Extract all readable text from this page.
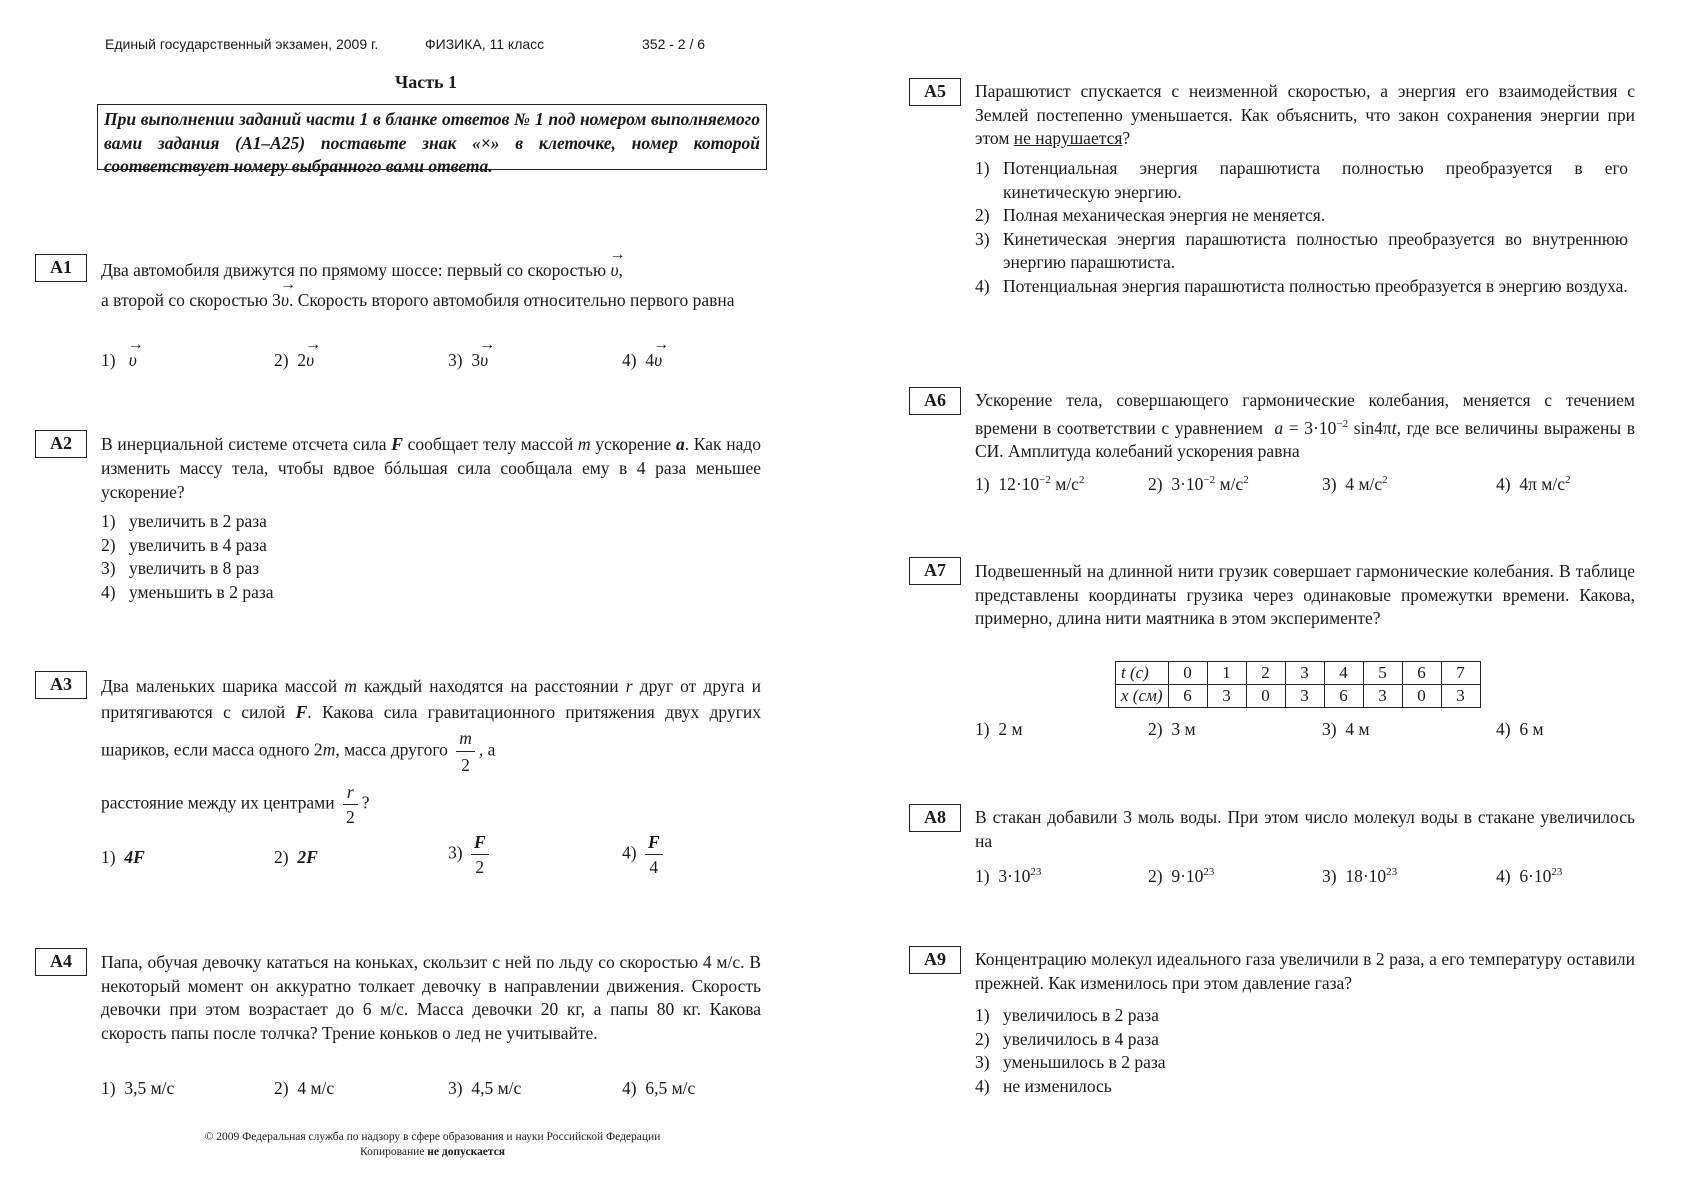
Единый государственный экзамен, 2009 г.	ФИЗИКА, 11 класс	352 - 2 / 6
Часть 1
При выполнении заданий части 1 в бланке ответов № 1 под номером выполняемого вами задания (А1–А25) поставьте знак «×» в клеточке, номер которой соответствует номеру выбранного вами ответа.
А1	Два автомобиля движутся по прямому шоссе: первый со скоростью → υ,
а второй со скоростью 3→ υ. Скорость второго автомобиля относительно первого равна
1) → υ	2) 2→ υ	3) 3→ υ	4) 4→ υ
А2	В инерциальной системе отсчета сила F сообщает телу массой m ускорение a. Как надо изменить массу тела, чтобы вдвое бóльшая сила сообщала ему в 4 раза меньшее ускорение?
1) увеличить в 2 раза
2) увеличить в 4 раза
3) увеличить в 8 раз
4) уменьшить в 2 раза
А3	Два маленьких шарика массой m каждый находятся на расстоянии r друг от друга и притягиваются с силой F. Какова сила гравитационного притяжения двух других шариков, если масса одного 2m, масса другого $\frac{m}{2}$ , а
расстояние между их центрами $\frac{r}{2}$ ?
1) 4F	2) 2F	$3) \frac{F}{2}$	$4) \frac{F}{4}$
А4	Папа, обучая девочку кататься на коньках, скользит с ней по льду со скоростью 4 м/с. В некоторый момент он аккуратно толкает девочку в направлении движения. Скорость девочки при этом возрастает до 6 м/с. Масса девочки 20 кг, а папы 80 кг. Какова скорость папы после толчка? Трение коньков о лед не учитывайте.
1) 3,5 м/с	2) 4 м/с	3) 4,5 м/с	4) 6,5 м/с
© 2009 Федеральная служба по надзору в сфере образования и науки Российской Федерации
Копирование не допускается
А5	Парашютист спускается с неизменной скоростью, а энергия его взаимодействия с Землей постепенно уменьшается. Как объяснить, что закон сохранения энергии при этом не нарушается?
1) Потенциальная энергия парашютиста полностью преобразуется в его кинетическую энергию.
2) Полная механическая энергия не меняется.
3) Кинетическая энергия парашютиста полностью преобразуется во внутреннюю энергию парашютиста.
4) Потенциальная энергия парашютиста полностью преобразуется в энергию воздуха.
А6	Ускорение тела, совершающего гармонические колебания, меняется с течением времени в соответствии с уравнением $a = 3\cdot 10^{-2}$ sin4πt, где все величины выражены в СИ. Амплитуда колебаний ускорения равна
1) $12\cdot 10^{-2}$ $м/с^2$	2) $3\cdot 10^{-2}$ $м/с^2$	3) 4 $м/с^2$	4) 4π $м/с^2$
А7	Подвешенный на длинной нити грузик совершает гармонические колебания. В таблице представлены координаты грузика через одинаковые промежутки времени. Какова, примерно, длина нити маятника в этом эксперименте?
t (с)	0	1	2	3	4	5	6	7
x (см)	6	3	0	3	6	3	0	3
1) 2 м	2) 3 м	3) 4 м	4) 6 м
А8	В стакан добавили 3 моль воды. При этом число молекул воды в стакане увеличилось на
1) $3\cdot 10^{23}$	2) $9\cdot 10^{23}$	3) $18\cdot 10^{23}$	4) $6\cdot 10^{23}$
А9	Концентрацию молекул идеального газа увеличили в 2 раза, а его температуру оставили прежней. Как изменилось при этом давление газа?
1) увеличилось в 2 раза
2) увеличилось в 4 раза
3) уменьшилось в 2 раза
4) не изменилось
